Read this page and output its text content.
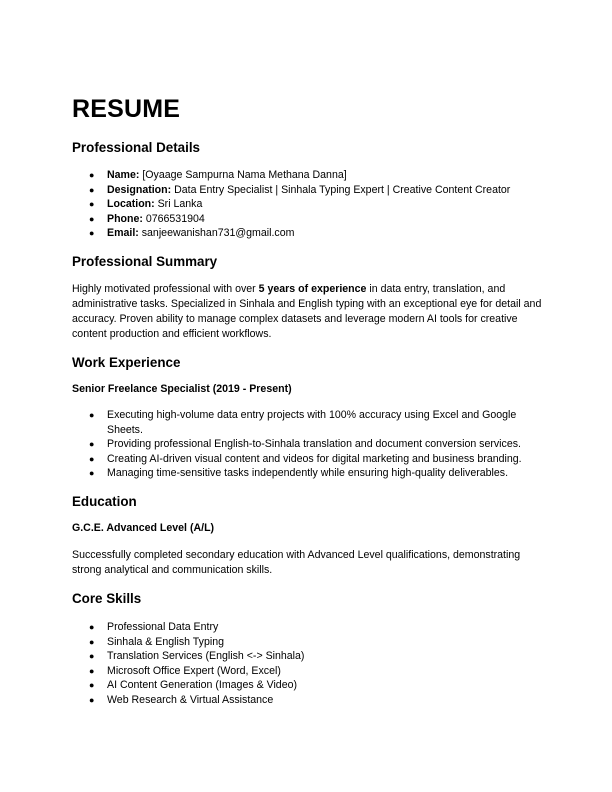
RESUME
Professional Details
● Name: [Oyaage Sampurna Nama Methana Danna]
● Designation: Data Entry Specialist | Sinhala Typing Expert | Creative Content Creator
● Location: Sri Lanka
● Phone: 0766531904
● Email: sanjeewanishan731@gmail.com
Professional Summary

Highly motivated professional with over 5 years of experience in data entry, translation, and administrative tasks. Specialized in Sinhala and English typing with an exceptional eye for detail and accuracy. Proven ability to manage complex datasets and leverage modern AI tools for creative content production and efficient workflows.

Work Experience
Senior Freelance Specialist (2019 - Present)
● Executing high-volume data entry projects with 100% accuracy using Excel and Google Sheets.
● Providing professional English-to-Sinhala translation and document conversion services.
● Creating AI-driven visual content and videos for digital marketing and business branding.
● Managing time-sensitive tasks independently while ensuring high-quality deliverables.
Education
G.C.E. Advanced Level (A/L)

Successfully completed secondary education with Advanced Level qualifications, demonstrating strong analytical and communication skills.

Core Skills
● Professional Data Entry
● Sinhala & English Typing
● Translation Services (English <-> Sinhala)
● Microsoft Office Expert (Word, Excel)
● AI Content Generation (Images & Video)
● Web Research & Virtual Assistance
